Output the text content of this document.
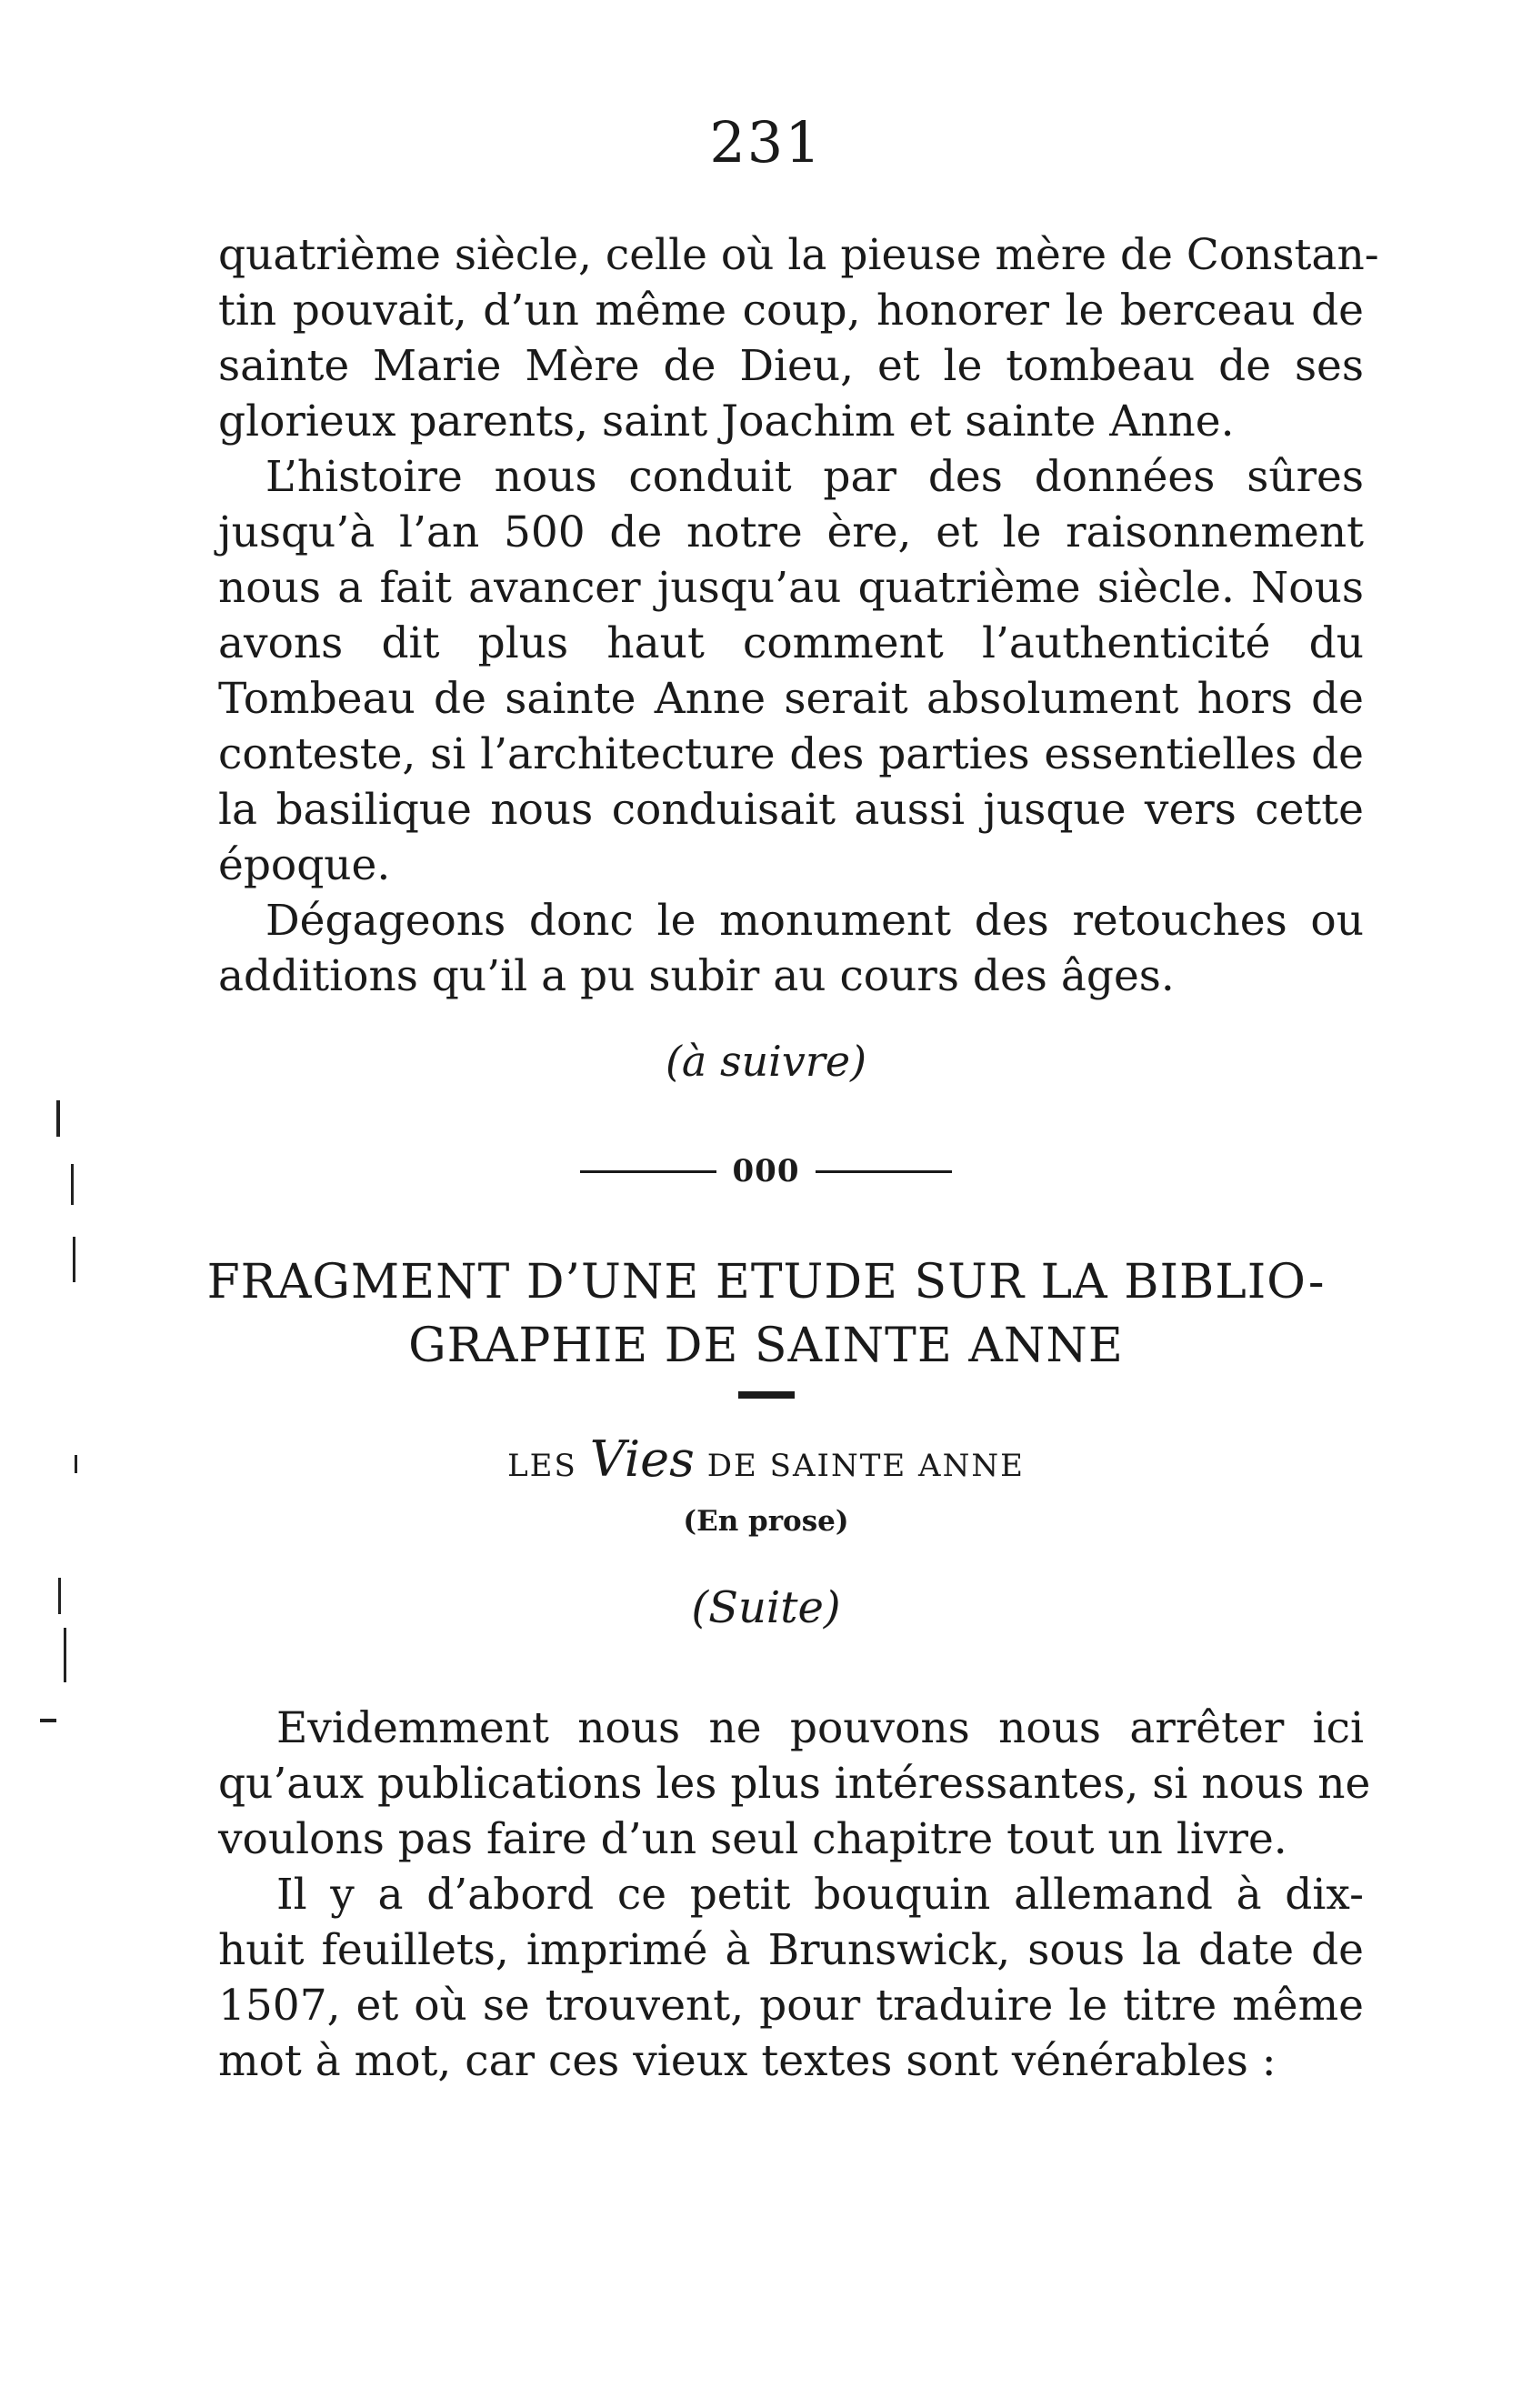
231
quatrième siècle, celle où la pieuse mère de Constan-
tin pouvait, d’un même coup, honorer le berceau de
sainte Marie Mère de Dieu, et le tombeau de ses
glorieux parents, saint Joachim et sainte Anne.
L’histoire nous conduit par des données sûres
jusqu’à l’an 500 de notre ère, et le raisonnement
nous a fait avancer jusqu’au quatrième siècle. Nous
avons dit plus haut comment l’authenticité du
Tombeau de sainte Anne serait absolument hors de
conteste, si l’architecture des parties essentielles de
la basilique nous conduisait aussi jusque vers cette
époque.
Dégageons donc le monument des retouches ou
additions qu’il a pu subir au cours des âges.
(à suivre)
000
FRAGMENT D’UNE ETUDE SUR LA BIBLIO-
GRAPHIE DE SAINTE ANNE
LES Vies DE SAINTE ANNE
(En prose)
(Suite)
Evidemment nous ne pouvons nous arrêter ici
qu’aux publications les plus intéressantes, si nous ne
voulons pas faire d’un seul chapitre tout un livre.
Il y a d’abord ce petit bouquin allemand à dix-
huit feuillets, imprimé à Brunswick, sous la date de
1507, et où se trouvent, pour traduire le titre même
mot à mot, car ces vieux textes sont vénérables :
